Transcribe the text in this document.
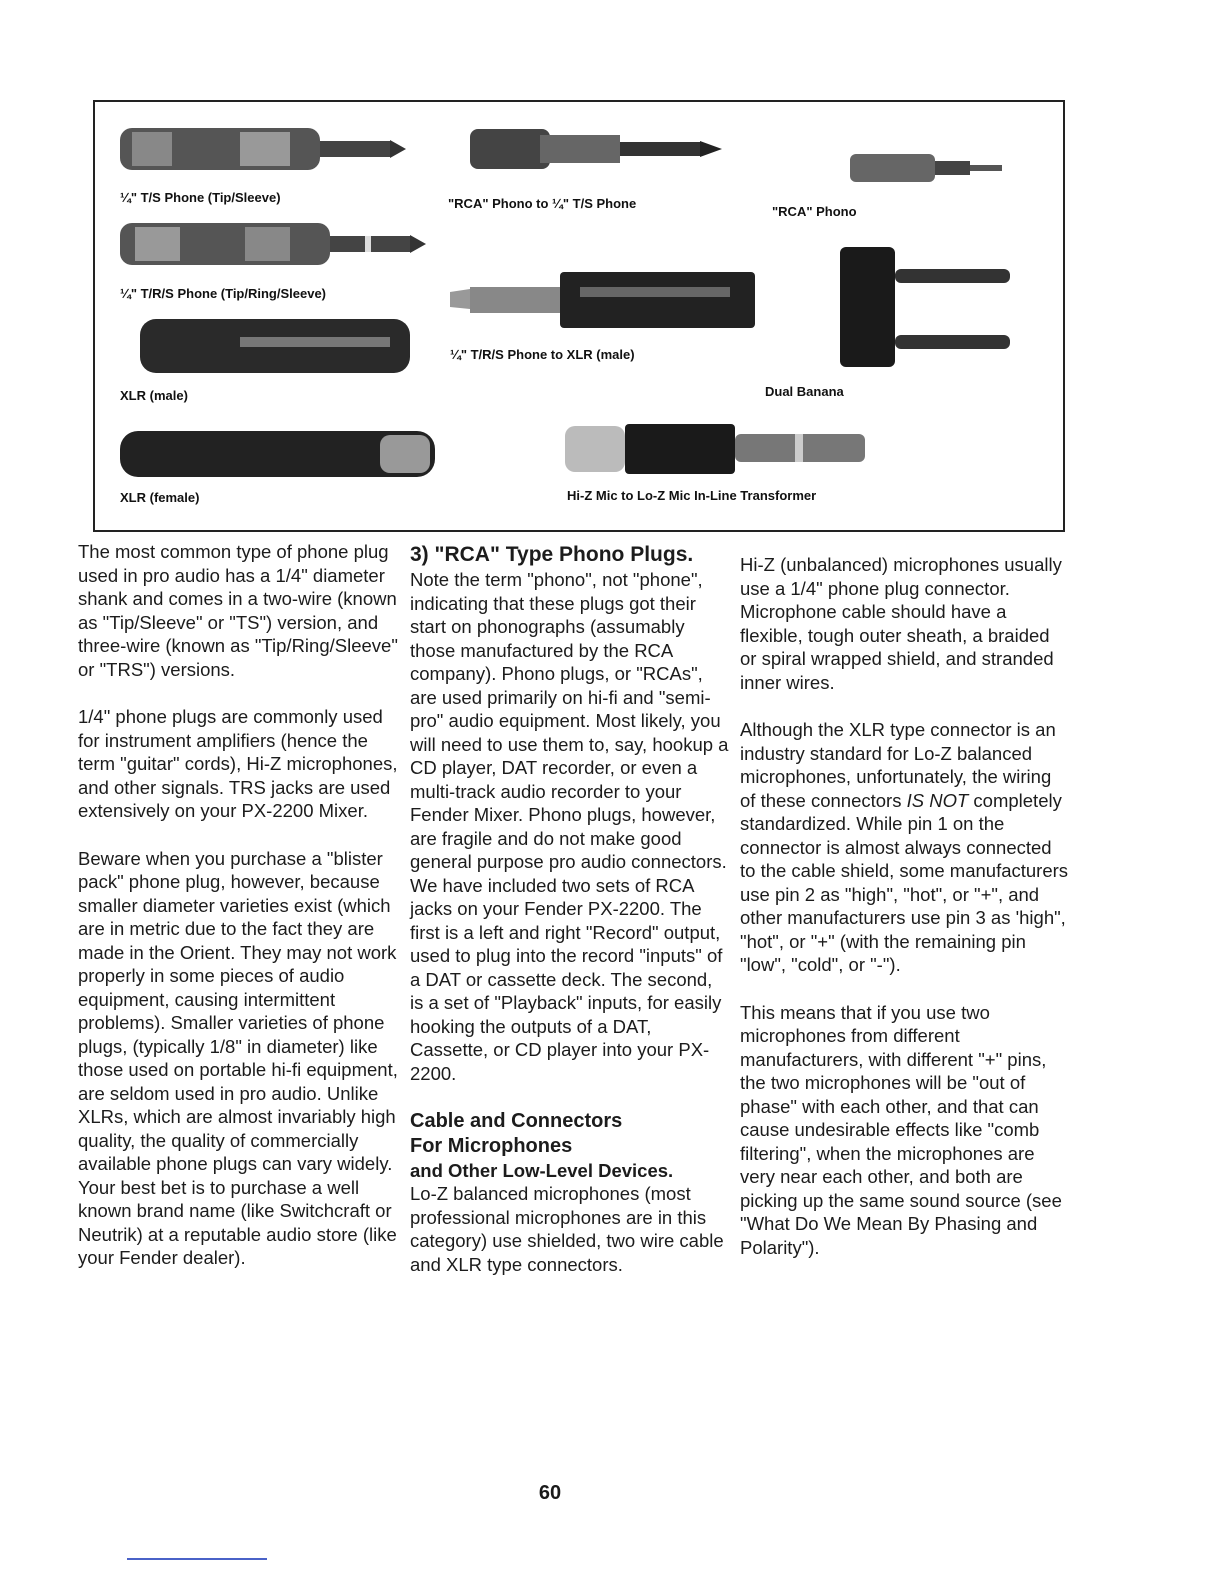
¼" T/S Phone (Tip/Sleeve)	"RCA" Phono to ¼" T/S Phone
"RCA" Phono
¼" T/R/S Phone (Tip/Ring/Sleeve)
¼" T/R/S Phone to XLR (male)
Dual Banana
XLR (male)
XLR (female)	Hi-Z Mic to Lo-Z Mic In-Line Transformer

The most common type of phone plug used in pro audio has a 1/4" diameter shank and comes in a two-wire (known as "Tip/Sleeve" or "TS") version, and three-wire (known as "Tip/Ring/Sleeve" or "TRS") versions.

1/4" phone plugs are commonly used for instrument amplifiers (hence the term "guitar" cords), Hi-Z microphones, and other signals. TRS jacks are used extensively on your PX-2200 Mixer.

Beware when you purchase a "blister pack" phone plug, however, because smaller diameter varieties exist (which are in metric due to the fact they are made in the Orient. They may not work properly in some pieces of audio equipment, causing intermittent problems). Smaller varieties of phone plugs, (typically 1/8" in diameter) like those used on portable hi-fi equipment, are seldom used in pro audio. Unlike XLRs, which are almost invariably high quality, the quality of commercially available phone plugs can vary widely. Your best bet is to purchase a well known brand name (like Switchcraft or Neutrik) at a reputable audio store (like your Fender dealer).

3) "RCA" Type Phono Plugs.

Note the term "phono", not "phone", indicating that these plugs got their start on phonographs (assumably those manufactured by the RCA company). Phono plugs, or "RCAs", are used primarily on hi-fi and "semi-pro" audio equipment. Most likely, you will need to use them to, say, hookup a CD player, DAT recorder, or even a multi-track audio recorder to your Fender Mixer. Phono plugs, however, are fragile and do not make good general purpose pro audio connectors. We have included two sets of RCA jacks on your Fender PX-2200. The first is a left and right "Record" output, used to plug into the record "inputs" of a DAT or cassette deck. The second, is a set of "Playback" inputs, for easily hooking the outputs of a DAT, Cassette, or CD player into your PX-2200.

Cable and Connectors
For Microphones
and Other Low-Level Devices.

Lo-Z balanced microphones (most professional microphones are in this category) use shielded, two wire cable and XLR type connectors.

Hi-Z (unbalanced) microphones usually use a 1/4" phone plug connector. Microphone cable should have a flexible, tough outer sheath, a braided or spiral wrapped shield, and stranded inner wires.

Although the XLR type connector is an industry standard for Lo-Z balanced microphones, unfortunately, the wiring of these connectors IS NOT completely standardized. While pin 1 on the connector is almost always connected to the cable shield, some manufacturers use pin 2 as "high", "hot", or "+", and other manufacturers use pin 3 as 'high", "hot", or "+" (with the remaining pin "low", "cold", or "-").

This means that if you use two microphones from different manufacturers, with different "+" pins, the two microphones will be "out of phase" with each other, and that can cause undesirable effects like "comb filtering", when the microphones are very near each other, and both are picking up the same sound source (see "What Do We Mean By Phasing and Polarity").

60
